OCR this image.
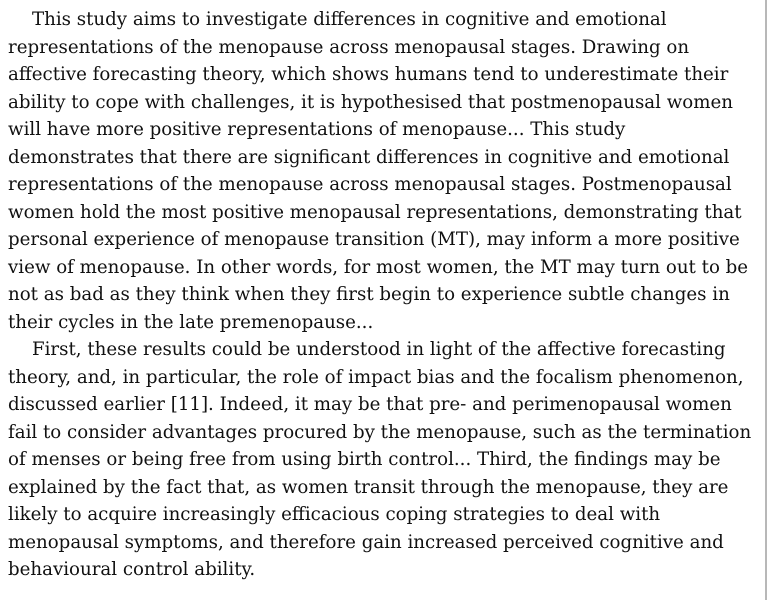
This study aims to investigate differences in cognitive and emotional representations of the menopause across menopausal stages. Drawing on affective forecasting theory, which shows humans tend to underestimate their ability to cope with challenges, it is hypothesised that postmenopausal women will have more positive representations of menopause... This study demonstrates that there are significant differences in cognitive and emotional representations of the menopause across menopausal stages. Postmenopausal women hold the most positive menopausal representations, demonstrating that personal experience of menopause transition (MT), may inform a more positive view of menopause. In other words, for most women, the MT may turn out to be not as bad as they think when they first begin to experience subtle changes in their cycles in the late premenopause...

First, these results could be understood in light of the affective forecasting theory, and, in particular, the role of impact bias and the focalism phenomenon, discussed earlier [11]. Indeed, it may be that pre- and perimenopausal women fail to consider advantages procured by the menopause, such as the termination of menses or being free from using birth control... Third, the findings may be explained by the fact that, as women transit through the menopause, they are likely to acquire increasingly efficacious coping strategies to deal with menopausal symptoms, and therefore gain increased perceived cognitive and behavioural control ability.
